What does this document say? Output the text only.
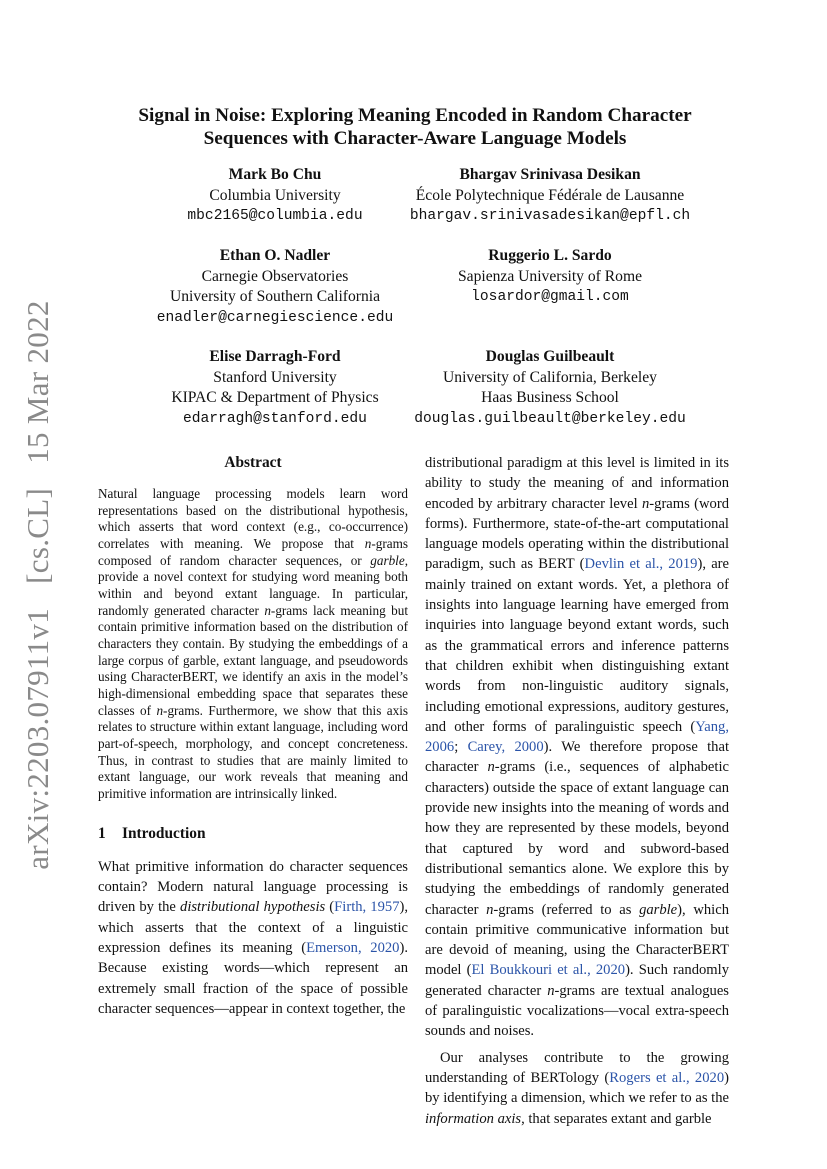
arXiv:2203.07911v1   [cs.CL]   15 Mar 2022
Signal in Noise: Exploring Meaning Encoded in Random Character
Sequences with Character-Aware Language Models
Mark Bo Chu
Columbia University
mbc2165@columbia.edu
Bhargav Srinivasa Desikan
École Polytechnique Fédérale de Lausanne
bhargav.srinivasadesikan@epfl.ch
Ethan O. Nadler
Carnegie Observatories
University of Southern California
enadler@carnegiescience.edu
Ruggerio L. Sardo
Sapienza University of Rome
losardor@gmail.com
Elise Darragh-Ford
Stanford University
KIPAC & Department of Physics
edarragh@stanford.edu
Douglas Guilbeault
University of California, Berkeley
Haas Business School
douglas.guilbeault@berkeley.edu
Abstract

Natural language processing models learn word representations based on the distributional hypothesis, which asserts that word context (e.g., co-occurrence) correlates with meaning. We propose that n-grams composed of random character sequences, or garble, provide a novel context for studying word meaning both within and beyond extant language. In particular, randomly generated character n-grams lack meaning but contain primitive information based on the distribution of characters they contain. By studying the embeddings of a large corpus of garble, extant language, and pseudowords using CharacterBERT, we identify an axis in the model’s high-dimensional embedding space that separates these classes of n-grams. Furthermore, we show that this axis relates to structure within extant language, including word part-of-speech, morphology, and concept concreteness. Thus, in contrast to studies that are mainly limited to extant language, our work reveals that meaning and primitive information are intrinsically linked.

1 Introduction

What primitive information do character sequences contain? Modern natural language processing is driven by the distributional hypothesis (Firth, 1957), which asserts that the context of a linguistic expression defines its meaning (Emerson, 2020). Because existing words—which represent an extremely small fraction of the space of possible character sequences—appear in context together, the

distributional paradigm at this level is limited in its ability to study the meaning of and information encoded by arbitrary character level n-grams (word forms). Furthermore, state-of-the-art computational language models operating within the distributional paradigm, such as BERT (Devlin et al., 2019), are mainly trained on extant words. Yet, a plethora of insights into language learning have emerged from inquiries into language beyond extant words, such as the grammatical errors and inference patterns that children exhibit when distinguishing extant words from non-linguistic auditory signals, including emotional expressions, auditory gestures, and other forms of paralinguistic speech (Yang, 2006; Carey, 2000). We therefore propose that character n-grams (i.e., sequences of alphabetic characters) outside the space of extant language can provide new insights into the meaning of words and how they are represented by these models, beyond that captured by word and subword-based distributional semantics alone. We explore this by studying the embeddings of randomly generated character n-grams (referred to as garble), which contain primitive communicative information but are devoid of meaning, using the CharacterBERT model (El Boukkouri et al., 2020). Such randomly generated character n-grams are textual analogues of paralinguistic vocalizations—vocal extra-speech sounds and noises.

Our analyses contribute to the growing understanding of BERTology (Rogers et al., 2020) by identifying a dimension, which we refer to as the information axis, that separates extant and garble
